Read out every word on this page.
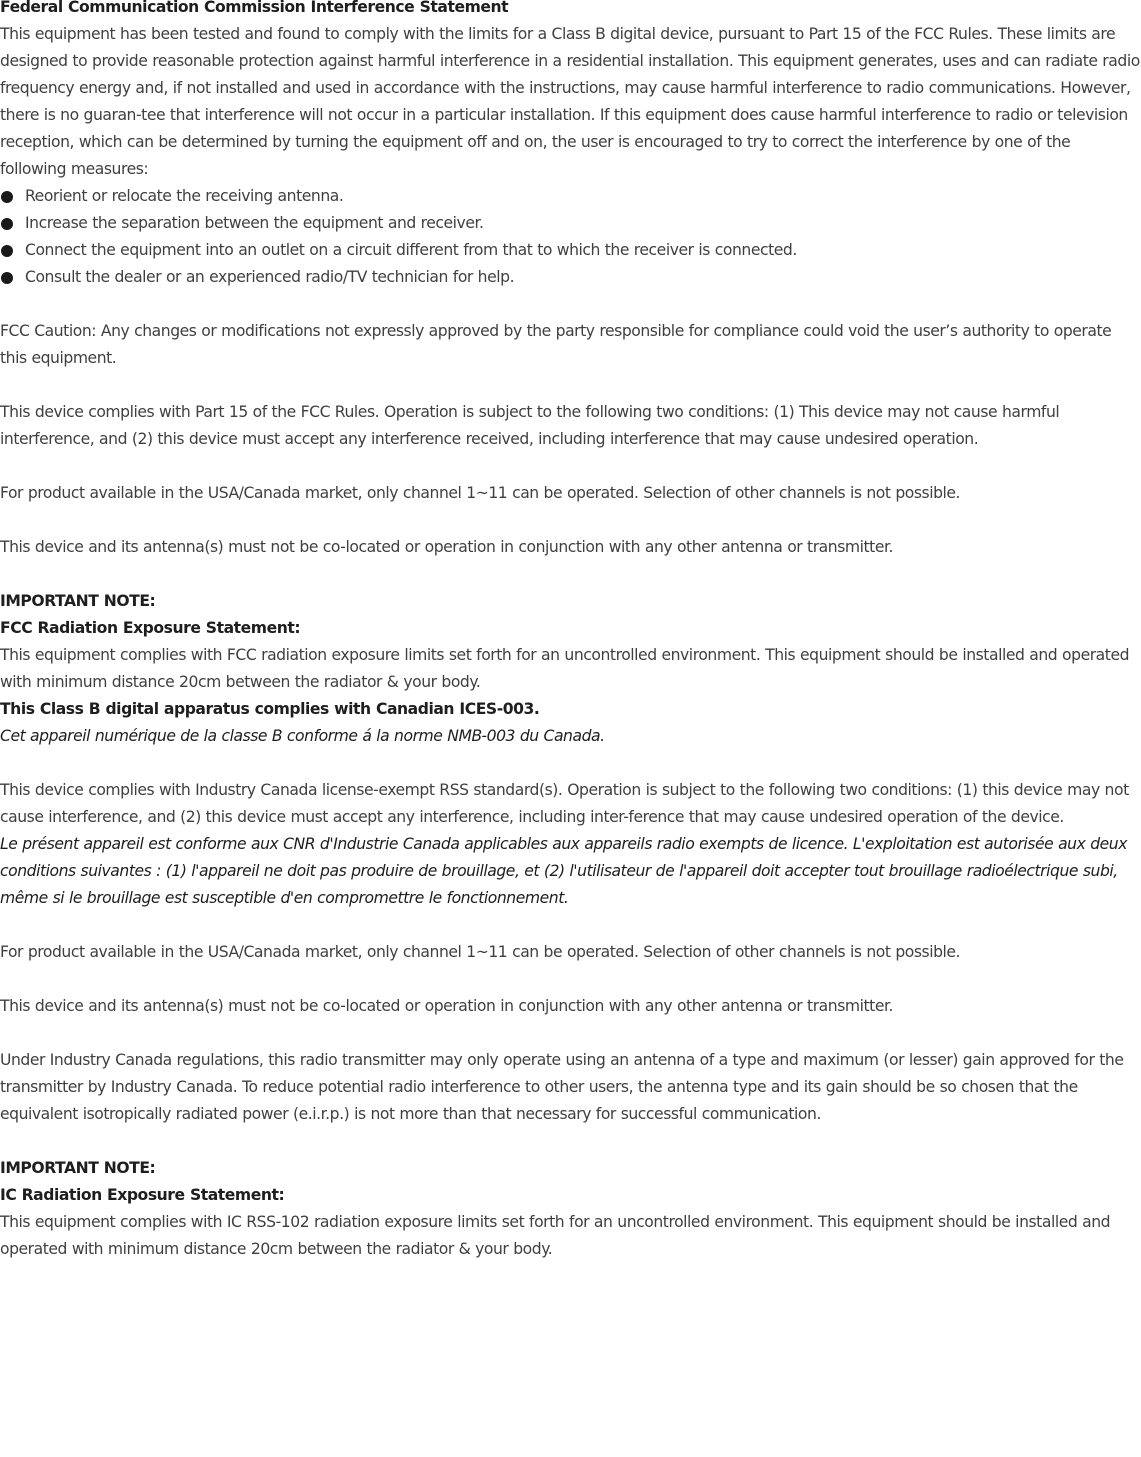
Federal Communication Commission Interference Statement

This equipment has been tested and found to comply with the limits for a Class B digital device, pursuant to Part 15 of the FCC Rules. These limits are designed to provide reasonable protection against harmful interference in a residential installation. This equipment generates, uses and can radiate radio frequency energy and, if not installed and used in accordance with the instructions, may cause harmful interference to radio communications. However, there is no guaran-tee that interference will not occur in a particular installation. If this equipment does cause harmful interference to radio or television reception, which can be determined by turning the equipment off and on, the user is encouraged to try to correct the interference by one of the following measures:

Reorient or relocate the receiving antenna.
Increase the separation between the equipment and receiver.
Connect the equipment into an outlet on a circuit different from that to which the receiver is connected.
Consult the dealer or an experienced radio/TV technician for help.

FCC Caution: Any changes or modifications not expressly approved by the party responsible for compliance could void the user’s authority to operate this equipment.

This device complies with Part 15 of the FCC Rules. Operation is subject to the following two conditions: (1) This device may not cause harmful interference, and (2) this device must accept any interference received, including interference that may cause undesired operation.

For product available in the USA/Canada market, only channel 1~11 can be operated. Selection of other channels is not possible.

This device and its antenna(s) must not be co-located or operation in conjunction with any other antenna or transmitter.

IMPORTANT NOTE:

FCC Radiation Exposure Statement:

This equipment complies with FCC radiation exposure limits set forth for an uncontrolled environment. This equipment should be installed and operated with minimum distance 20cm between the radiator & your body.

This Class B digital apparatus complies with Canadian ICES-003.

Cet appareil numérique de la classe B conforme á la norme NMB-003 du Canada.

This device complies with Industry Canada license-exempt RSS standard(s). Operation is subject to the following two conditions: (1) this device may not cause interference, and (2) this device must accept any interference, including inter-ference that may cause undesired operation of the device.

Le présent appareil est conforme aux CNR d'Industrie Canada applicables aux appareils radio exempts de licence. L'exploitation est autorisée aux deux conditions suivantes : (1) l'appareil ne doit pas produire de brouillage, et (2) l'utilisateur de l'appareil doit accepter tout brouillage radioélectrique subi, même si le brouillage est susceptible d'en compromettre le fonctionnement.

For product available in the USA/Canada market, only channel 1~11 can be operated. Selection of other channels is not possible.

This device and its antenna(s) must not be co-located or operation in conjunction with any other antenna or transmitter.

Under Industry Canada regulations, this radio transmitter may only operate using an antenna of a type and maximum (or lesser) gain approved for the transmitter by Industry Canada. To reduce potential radio interference to other users, the antenna type and its gain should be so chosen that the equivalent isotropically radiated power (e.i.r.p.) is not more than that necessary for successful communication.

IMPORTANT NOTE:

IC Radiation Exposure Statement:

This equipment complies with IC RSS-102 radiation exposure limits set forth for an uncontrolled environment. This equipment should be installed and operated with minimum distance 20cm between the radiator & your body.
